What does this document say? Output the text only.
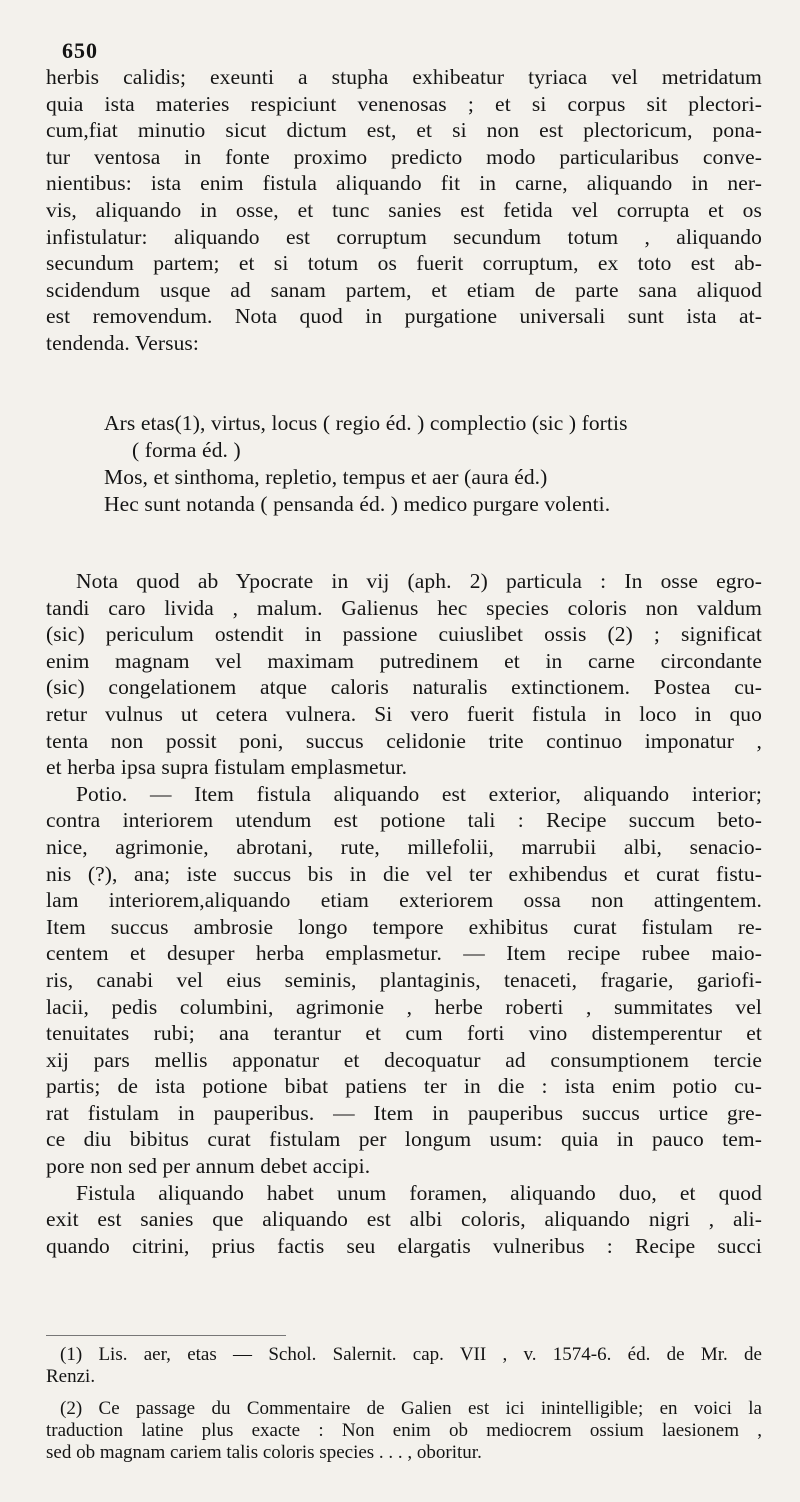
650
herbis calidis; exeunti a stupha exhibeatur tyriaca vel metridatum
quia ista materies respiciunt venenosas ; et si corpus sit plectori-
cum,fiat minutio sicut dictum est, et si non est plectoricum, pona-
tur ventosa in fonte proximo predicto modo particularibus conve-
nientibus: ista enim fistula aliquando fit in carne, aliquando in ner-
vis, aliquando in osse, et tunc sanies est fetida vel corrupta et os
infistulatur: aliquando est corruptum secundum totum , aliquando
secundum partem; et si totum os fuerit corruptum, ex toto est ab-
scidendum usque ad sanam partem, et etiam de parte sana aliquod
est removendum. Nota quod in purgatione universali sunt ista at-
tendenda. Versus:
Ars etas(1), virtus, locus ( regio éd. ) complectio (sic ) fortis
( forma éd. )
Mos, et sinthoma, repletio, tempus et aer (aura éd.)
Hec sunt notanda ( pensanda éd. ) medico purgare volenti.
Nota quod ab Ypocrate in vij (aph. 2) particula : In osse egro-
tandi caro livida , malum. Galienus hec species coloris non valdum
(sic) periculum ostendit in passione cuiuslibet ossis (2) ; significat
enim magnam vel maximam putredinem et in carne circondante
(sic) congelationem atque caloris naturalis extinctionem. Postea cu-
retur vulnus ut cetera vulnera. Si vero fuerit fistula in loco in quo
tenta non possit poni, succus celidonie trite continuo imponatur ,
et herba ipsa supra fistulam emplasmetur.
Potio. — Item fistula aliquando est exterior, aliquando interior;
contra interiorem utendum est potione tali : Recipe succum beto-
nice, agrimonie, abrotani, rute, millefolii, marrubii albi, senacio-
nis (?), ana; iste succus bis in die vel ter exhibendus et curat fistu-
lam interiorem,aliquando etiam exteriorem ossa non attingentem.
Item succus ambrosie longo tempore exhibitus curat fistulam re-
centem et desuper herba emplasmetur. — Item recipe rubee maio-
ris, canabi vel eius seminis, plantaginis, tenaceti, fragarie, gariofi-
lacii, pedis columbini, agrimonie , herbe roberti , summitates vel
tenuitates rubi; ana terantur et cum forti vino distemperentur et
xij pars mellis apponatur et decoquatur ad consumptionem tercie
partis; de ista potione bibat patiens ter in die : ista enim potio cu-
rat fistulam in pauperibus. — Item in pauperibus succus urtice gre-
ce diu bibitus curat fistulam per longum usum: quia in pauco tem-
pore non sed per annum debet accipi.
Fistula aliquando habet unum foramen, aliquando duo, et quod
exit est sanies que aliquando est albi coloris, aliquando nigri , ali-
quando citrini, prius factis seu elargatis vulneribus : Recipe succi
(1) Lis. aer, etas — Schol. Salernit. cap. VII , v. 1574-6. éd. de Mr. de
Renzi.
(2) Ce passage du Commentaire de Galien est ici inintelligible; en voici la
traduction latine plus exacte : Non enim ob mediocrem ossium laesionem ,
sed ob magnam cariem talis coloris species . . . , oboritur.
